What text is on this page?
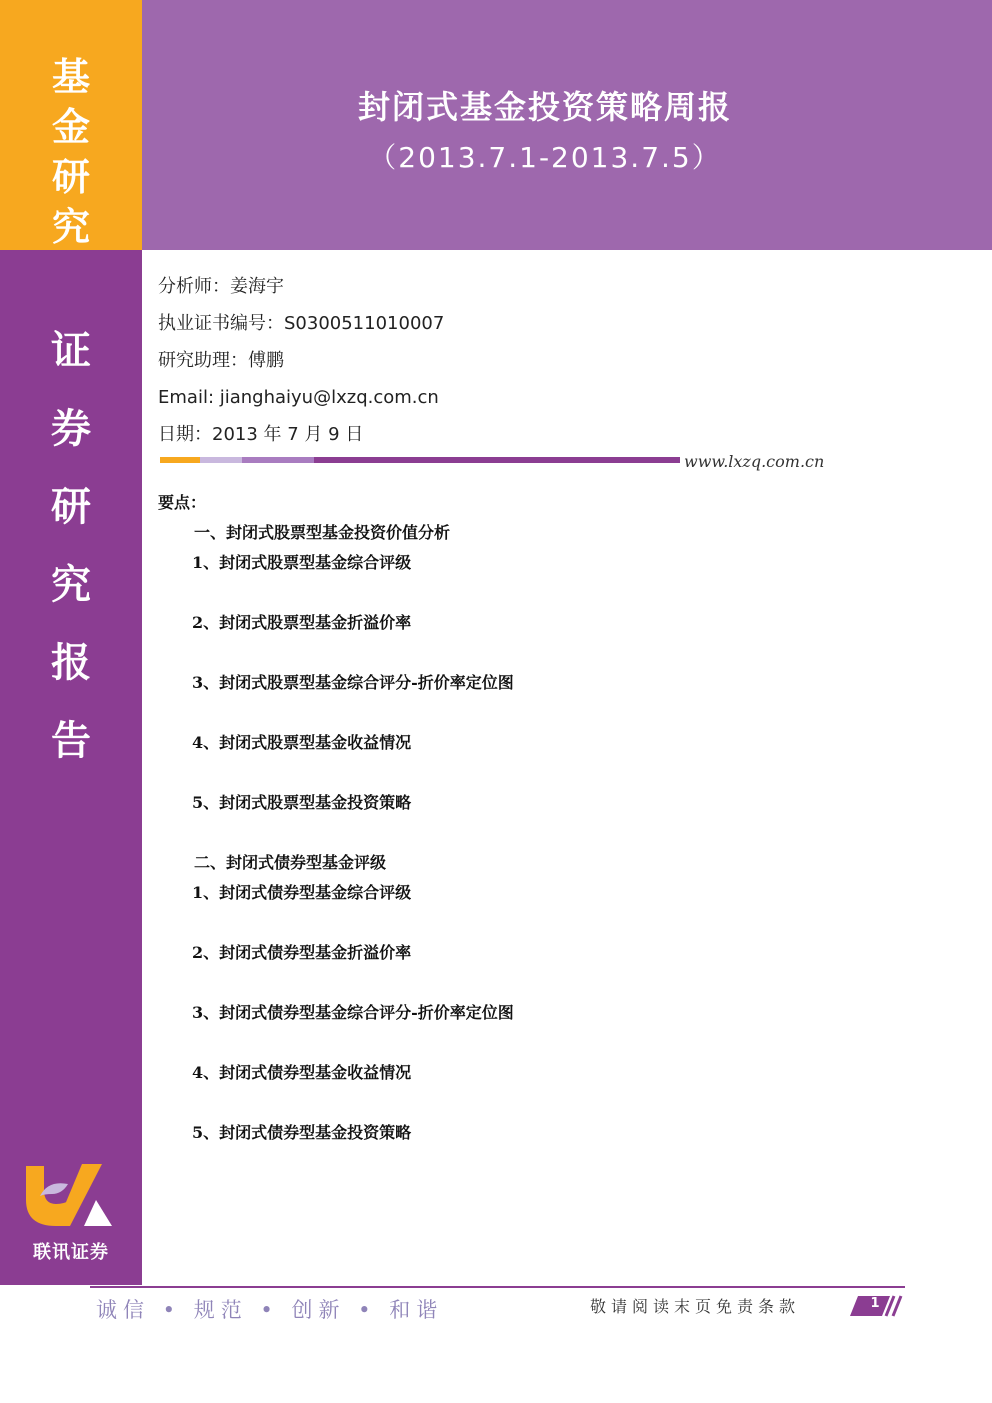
基
金
研
究
证
券
研
究
报
告
联讯证券
封闭式基金投资策略周报
（2013.7.1-2013.7.5）
分析师：姜海宇
执业证书编号：S0300511010007
研究助理：傅鹏
Email: jianghaiyu@lxzq.com.cn
日期：2013 年 7 月 9 日
www.lxzq.com.cn
要点：
一、封闭式股票型基金投资价值分析
1、封闭式股票型基金综合评级
2、封闭式股票型基金折溢价率
3、封闭式股票型基金综合评分-折价率定位图
4、封闭式股票型基金收益情况
5、封闭式股票型基金投资策略
二、封闭式债券型基金评级
1、封闭式债券型基金综合评级
2、封闭式债券型基金折溢价率
3、封闭式债券型基金综合评分-折价率定位图
4、封闭式债券型基金收益情况
5、封闭式债券型基金投资策略
诚信 • 规范 • 创新 • 和谐	敬请阅读末页免责条款	1
